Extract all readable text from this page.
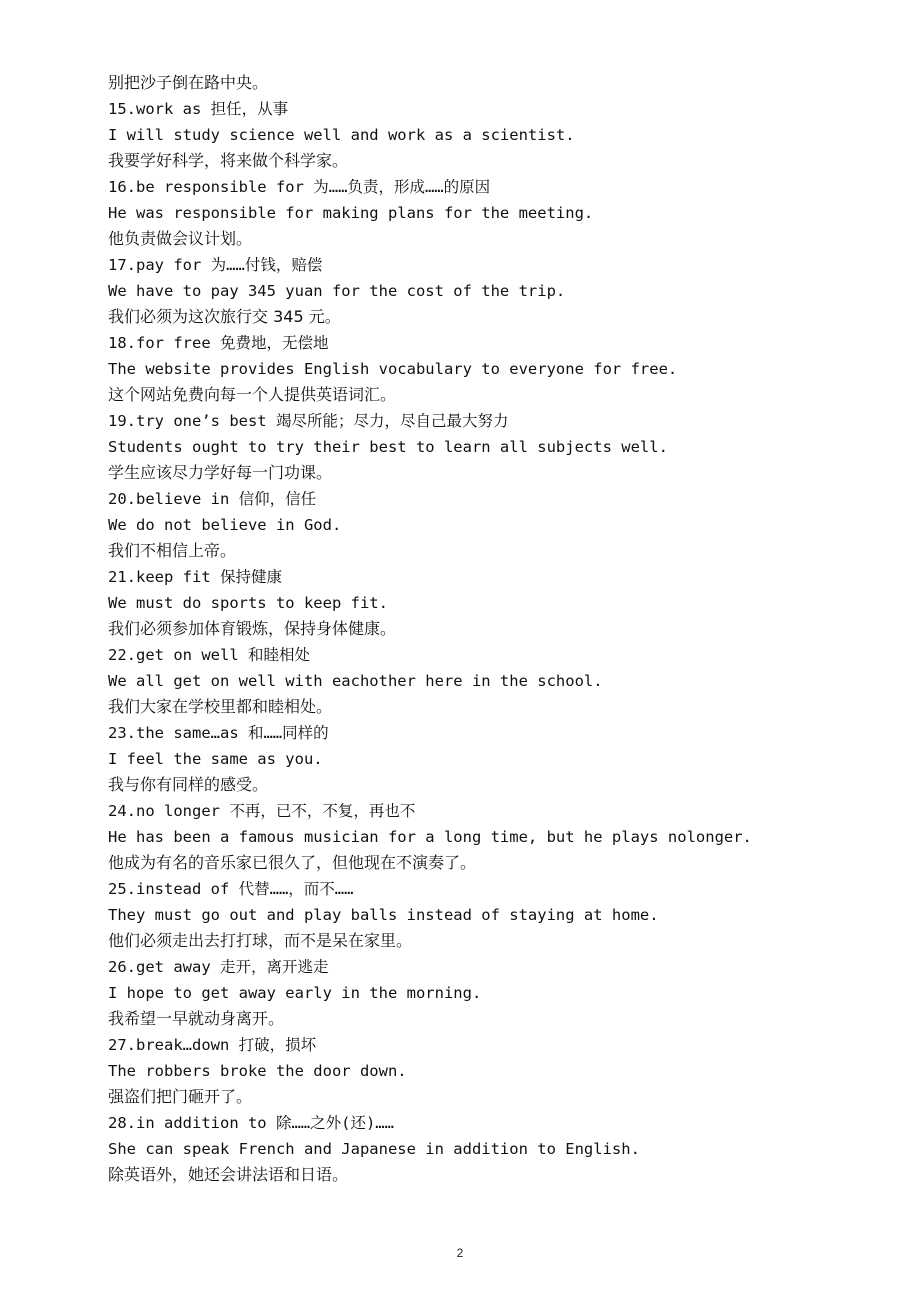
别把沙子倒在路中央。
15.work as 担任，从事
I will study science well and work as a scientist.
我要学好科学，将来做个科学家。
16.be responsible for 为……负责，形成……的原因
He was responsible for making plans for the meeting.
他负责做会议计划。
17.pay for 为……付钱，赔偿
We have to pay 345 yuan for the cost of the trip.
我们必须为这次旅行交 345 元。
18.for free 免费地，无偿地
The website provides English vocabulary to everyone for free.
这个网站免费向每一个人提供英语词汇。
19.try one’s best 竭尽所能；尽力，尽自己最大努力
Students ought to try their best to learn all subjects well.
学生应该尽力学好每一门功课。
20.believe in 信仰，信任
We do not believe in God.
我们不相信上帝。
21.keep fit 保持健康
We must do sports to keep fit.
我们必须参加体育锻炼，保持身体健康。
22.get on well 和睦相处
We all get on well with eachother here in the school.
我们大家在学校里都和睦相处。
23.the same…as 和……同样的
I feel the same as you.
我与你有同样的感受。
24.no longer 不再，已不，不复，再也不
He has been a famous musician for a long time, but he plays nolonger.
他成为有名的音乐家已很久了，但他现在不演奏了。
25.instead of 代替……，而不……
They must go out and play balls instead of staying at home.
他们必须走出去打打球，而不是呆在家里。
26.get away 走开，离开逃走
I hope to get away early in the morning.
我希望一早就动身离开。
27.break…down 打破，损坏
The robbers broke the door down.
强盗们把门砸开了。
28.in addition to 除……之外(还)……
She can speak French and Japanese in addition to English.
除英语外，她还会讲法语和日语。
2
